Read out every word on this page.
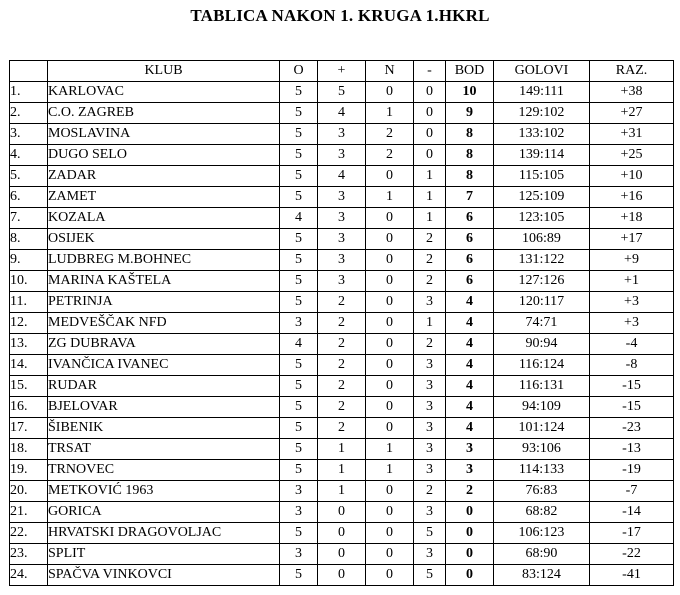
TABLICA NAKON 1. KRUGA 1.HKRL
	KLUB	O	+	N	-	BOD	GOLOVI	RAZ.
1.	KARLOVAC	5	5	0	0	10	149:111	+38
2.	C.O. ZAGREB	5	4	1	0	9	129:102	+27
3.	MOSLAVINA	5	3	2	0	8	133:102	+31
4.	DUGO SELO	5	3	2	0	8	139:114	+25
5.	ZADAR	5	4	0	1	8	115:105	+10
6.	ZAMET	5	3	1	1	7	125:109	+16
7.	KOZALA	4	3	0	1	6	123:105	+18
8.	OSIJEK	5	3	0	2	6	106:89	+17
9.	LUDBREG M.BOHNEC	5	3	0	2	6	131:122	+9
10.	MARINA KAŠTELA	5	3	0	2	6	127:126	+1
11.	PETRINJA	5	2	0	3	4	120:117	+3
12.	MEDVEŠČAK NFD	3	2	0	1	4	74:71	+3
13.	ZG DUBRAVA	4	2	0	2	4	90:94	-4
14.	IVANČICA IVANEC	5	2	0	3	4	116:124	-8
15.	RUDAR	5	2	0	3	4	116:131	-15
16.	BJELOVAR	5	2	0	3	4	94:109	-15
17.	ŠIBENIK	5	2	0	3	4	101:124	-23
18.	TRSAT	5	1	1	3	3	93:106	-13
19.	TRNOVEC	5	1	1	3	3	114:133	-19
20.	METKOVIĆ 1963	3	1	0	2	2	76:83	-7
21.	GORICA	3	0	0	3	0	68:82	-14
22.	HRVATSKI DRAGOVOLJAC	5	0	0	5	0	106:123	-17
23.	SPLIT	3	0	0	3	0	68:90	-22
24.	SPAČVA VINKOVCI	5	0	0	5	0	83:124	-41
